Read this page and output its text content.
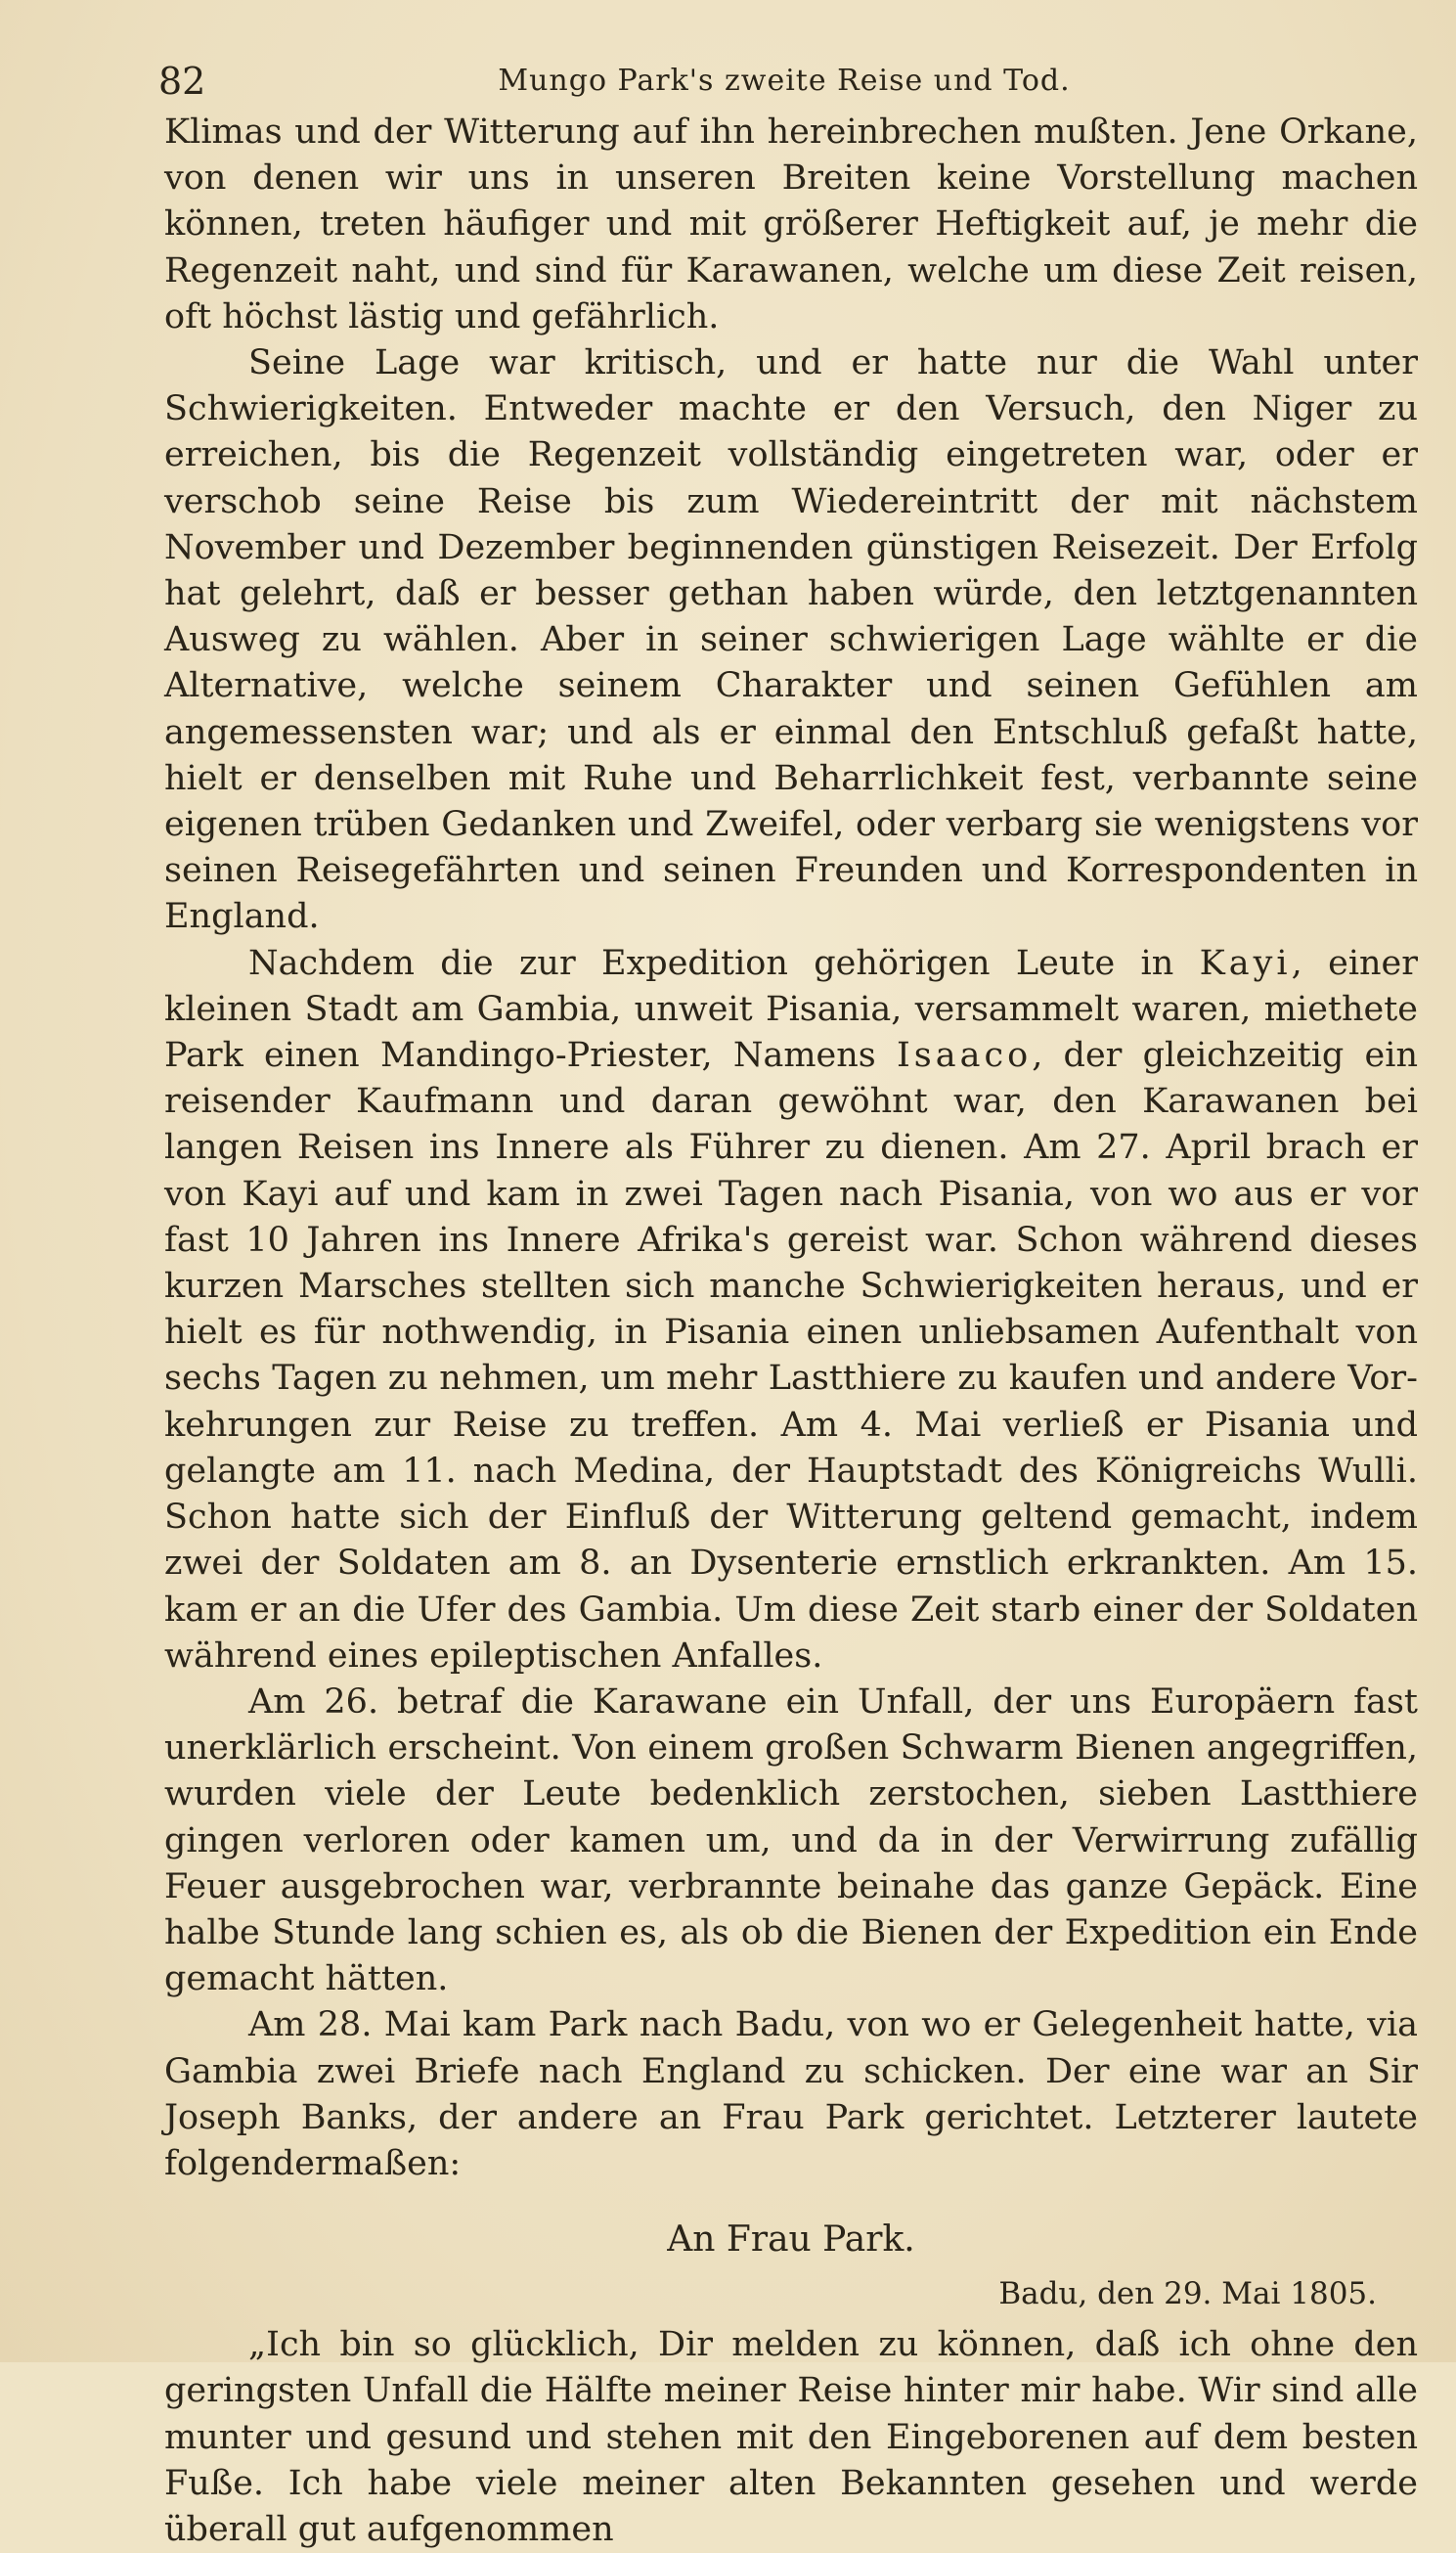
82	Mungo Park's zweite Reise und Tod.

Klimas und der Witterung auf ihn hereinbrechen mußten. Jene Orkane, von denen wir uns in unseren Breiten keine Vorstellung machen können, treten häufiger und mit größerer Heftigkeit auf, je mehr die Regenzeit naht, und sind für Karawanen, welche um diese Zeit reisen, oft höchst lästig und gefährlich.

Seine Lage war kritisch, und er hatte nur die Wahl unter Schwierigkeiten. Entweder machte er den Versuch, den Niger zu erreichen, bis die Regenzeit vollständig eingetreten war, oder er verschob seine Reise bis zum Wiedereintritt der mit nächstem November und Dezember beginnenden günstigen Reisezeit. Der Erfolg hat gelehrt, daß er besser gethan haben würde, den letztgenannten Ausweg zu wählen. Aber in seiner schwierigen Lage wählte er die Alternative, welche seinem Charakter und seinen Gefühlen am angemessensten war; und als er einmal den Entschluß gefaßt hatte, hielt er denselben mit Ruhe und Beharrlichkeit fest, verbannte seine eigenen trüben Gedanken und Zweifel, oder verbarg sie wenigstens vor seinen Reisegefährten und seinen Freunden und Korrespondenten in England.

Nachdem die zur Expedition gehörigen Leute in Kayi, einer kleinen Stadt am Gambia, unweit Pisania, versammelt waren, miethete Park einen Mandingo-Priester, Namens Isaaco, der gleichzeitig ein reisender Kaufmann und daran gewöhnt war, den Karawanen bei langen Reisen ins Innere als Führer zu dienen. Am 27. April brach er von Kayi auf und kam in zwei Tagen nach Pisania, von wo aus er vor fast 10 Jahren ins Innere Afrika's gereist war. Schon während dieses kurzen Marsches stellten sich manche Schwierigkeiten heraus, und er hielt es für nothwendig, in Pisania einen unliebsamen Aufenthalt von sechs Tagen zu nehmen, um mehr Lastthiere zu kaufen und andere Vorkehrungen zur Reise zu treffen. Am 4. Mai verließ er Pisania und gelangte am 11. nach Medina, der Hauptstadt des Königreichs Wulli. Schon hatte sich der Einfluß der Witterung geltend gemacht, indem zwei der Soldaten am 8. an Dysenterie ernstlich erkrankten. Am 15. kam er an die Ufer des Gambia. Um diese Zeit starb einer der Soldaten während eines epileptischen Anfalles.

Am 26. betraf die Karawane ein Unfall, der uns Europäern fast unerklärlich erscheint. Von einem großen Schwarm Bienen angegriffen, wurden viele der Leute bedenklich zerstochen, sieben Lastthiere gingen verloren oder kamen um, und da in der Verwirrung zufällig Feuer ausgebrochen war, verbrannte beinahe das ganze Gepäck. Eine halbe Stunde lang schien es, als ob die Bienen der Expedition ein Ende gemacht hätten.

Am 28. Mai kam Park nach Badu, von wo er Gelegenheit hatte, via Gambia zwei Briefe nach England zu schicken. Der eine war an Sir Joseph Banks, der andere an Frau Park gerichtet. Letzterer lautete folgendermaßen:

An Frau Park.
Badu, den 29. Mai 1805.

„Ich bin so glücklich, Dir melden zu können, daß ich ohne den geringsten Unfall die Hälfte meiner Reise hinter mir habe. Wir sind alle munter und gesund und stehen mit den Eingeborenen auf dem besten Fuße. Ich habe viele meiner alten Bekannten gesehen und werde überall gut aufgenommen
